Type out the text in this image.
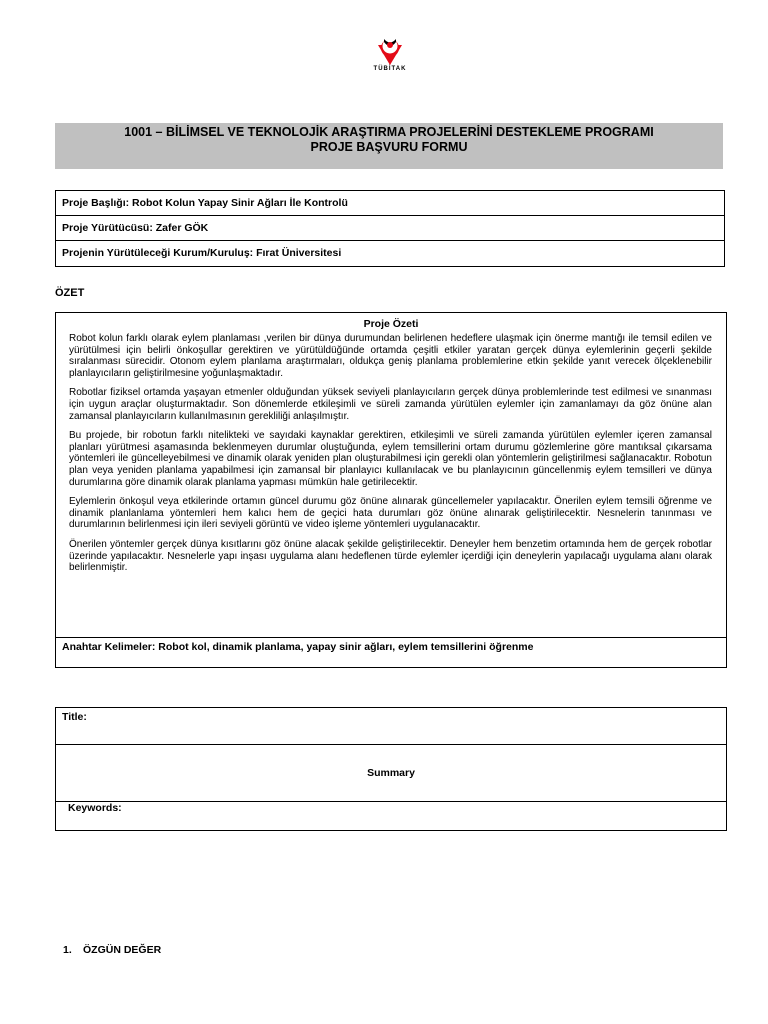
TÜBİTAK
1001 – BİLİMSEL VE TEKNOLOJİK ARAŞTIRMA PROJELERİNİ DESTEKLEME PROGRAMI
PROJE BAŞVURU FORMU
Proje Başlığı: Robot Kolun Yapay Sinir Ağları İle Kontrolü
Proje Yürütücüsü: Zafer GÖK
Projenin Yürütüleceği Kurum/Kuruluş: Fırat Üniversitesi
ÖZET
Proje Özeti

Robot kolun farklı olarak eylem planlaması ,verilen bir dünya durumundan belirlenen hedeflere ulaşmak için önerme mantığı ile temsil edilen ve yürütülmesi için belirli önkoşullar gerektiren ve yürütüldüğünde ortamda çeşitli etkiler yaratan gerçek dünya eylemlerinin geçerli şekilde sıralanması sürecidir. Otonom eylem planlama araştırmaları, oldukça geniş planlama problemlerine etkin şekilde yanıt verecek ölçeklenebilir planlayıcıların geliştirilmesine yoğunlaşmaktadır.

Robotlar fiziksel ortamda yaşayan etmenler olduğundan yüksek seviyeli planlayıcıların gerçek dünya problemlerinde test edilmesi ve sınanması için uygun araçlar oluşturmaktadır. Son dönemlerde etkileşimli ve süreli zamanda yürütülen eylemler için zamanlamayı da göz önüne alan zamansal planlayıcıların kullanılmasının gerekliliği anlaşılmıştır.

Bu projede, bir robotun farklı nitelikteki ve sayıdaki kaynaklar gerektiren, etkileşimli ve süreli zamanda yürütülen eylemler içeren zamansal planları yürütmesi aşamasında beklenmeyen durumlar oluştuğunda, eylem temsillerini ortam durumu gözlemlerine göre mantıksal çıkarsama yöntemleri ile güncelleyebilmesi ve dinamik olarak yeniden plan oluşturabilmesi için gerekli olan yöntemlerin geliştirilmesi sağlanacaktır. Robotun plan veya yeniden planlama yapabilmesi için zamansal bir planlayıcı kullanılacak ve bu planlayıcının güncellenmiş eylem temsilleri ve dünya durumlarına göre dinamik olarak planlama yapması mümkün hale getirilecektir.

Eylemlerin önkoşul veya etkilerinde ortamın güncel durumu göz önüne alınarak güncellemeler yapılacaktır. Önerilen eylem temsili öğrenme ve dinamik planlanlama yöntemleri hem kalıcı hem de geçici hata durumları göz önüne alınarak geliştirilecektir. Nesnelerin tanınması ve durumlarının belirlenmesi için ileri seviyeli görüntü ve video işleme yöntemleri uygulanacaktır.

Önerilen yöntemler gerçek dünya kısıtlarını göz önüne alacak şekilde geliştirilecektir. Deneyler hem benzetim ortamında hem de gerçek robotlar üzerinde yapılacaktır. Nesnelerle yapı inşası uygulama alanı hedeflenen türde eylemler içerdiği için deneylerin yapılacağı uygulama alanı olarak belirlenmiştir.

Anahtar Kelimeler: Robot kol, dinamik planlama, yapay sinir ağları, eylem temsillerini öğrenme
Title:
Summary
Keywords:
1. ÖZGÜN DEĞER
